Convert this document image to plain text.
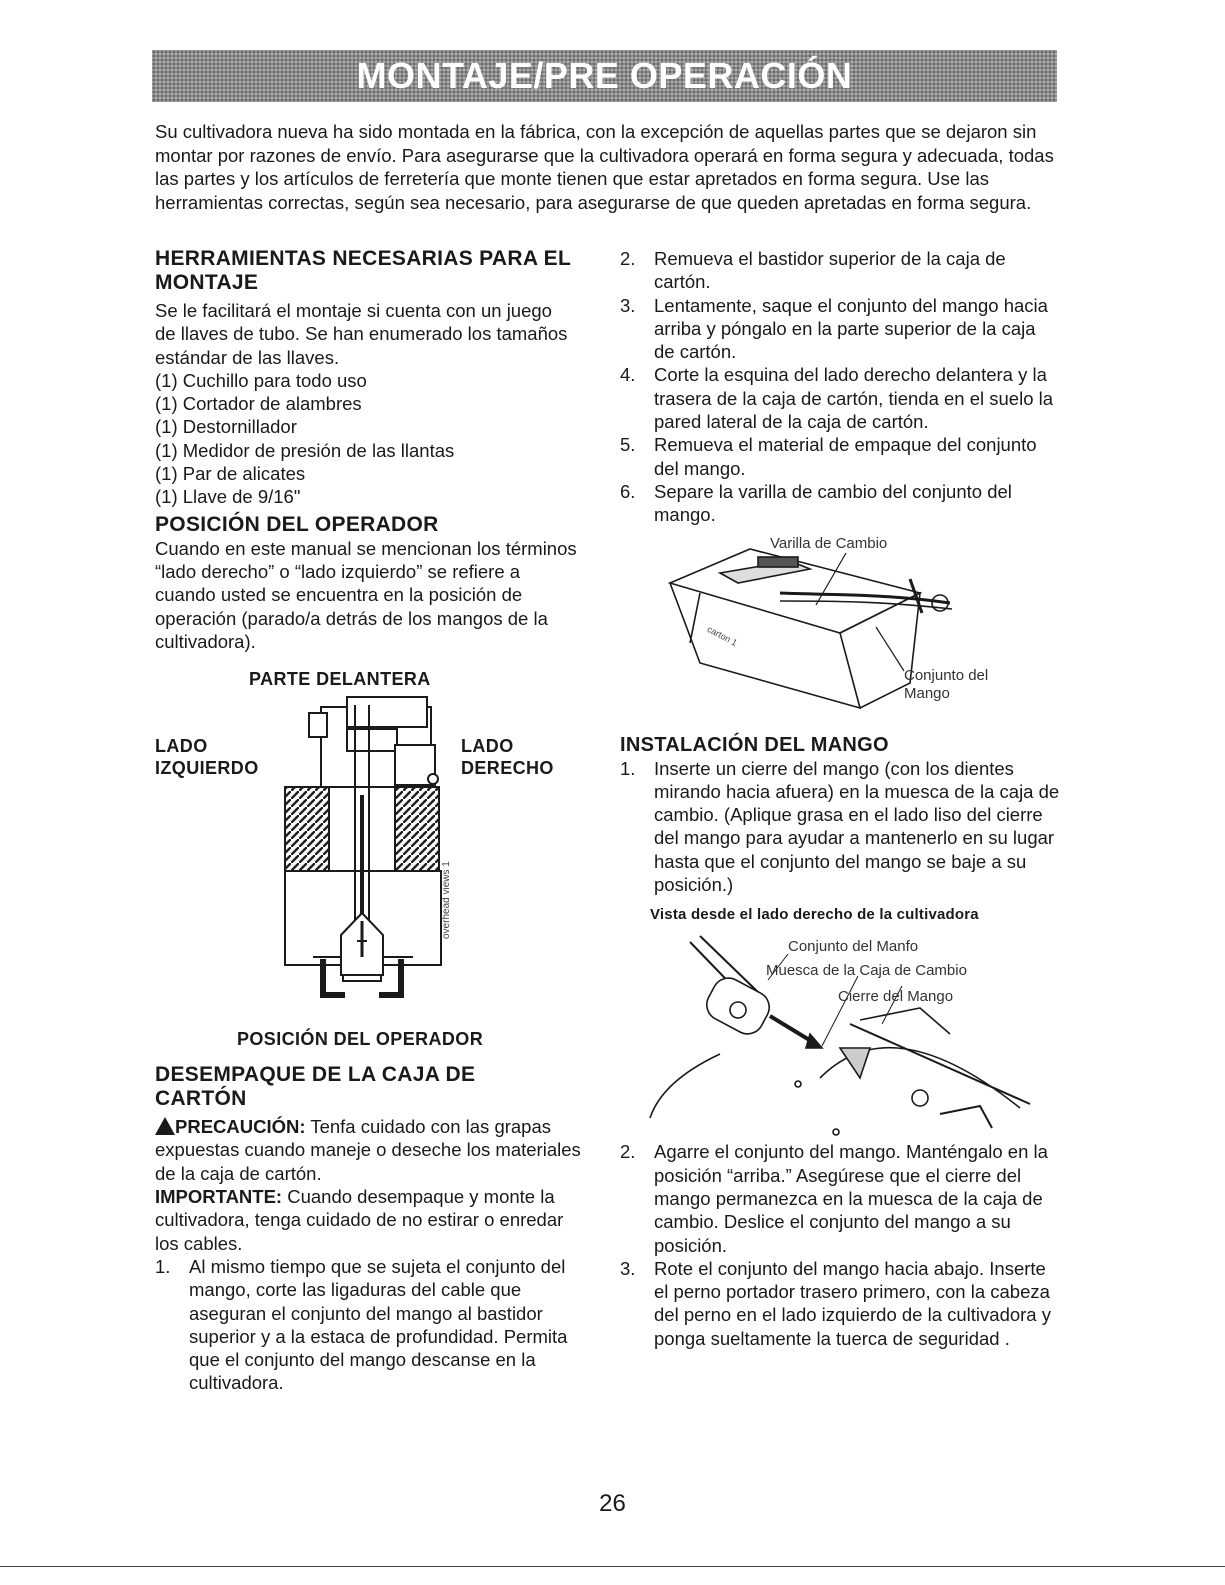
MONTAJE/PRE OPERACIÓN

Su cultivadora nueva ha sido montada en la fábrica, con la excepción de aquellas partes que se dejaron sin montar por razones de envío. Para asegurarse que la cultivadora operará en forma segura y adecuada, todas las partes y los artículos de ferretería que monte tienen que estar apretados en forma segura. Use las herramientas correctas, según sea necesario, para asegurarse de que queden apretadas en forma segura.

HERRAMIENTAS NECESARIAS PARA EL MONTAJE

Se le facilitará el montaje si cuenta con un juego de llaves de tubo. Se han enumerado los tamaños estándar de las llaves.

(1) Cuchillo para todo uso
(1) Cortador de alambres
(1) Destornillador
(1) Medidor de presión de las llantas
(1) Par de alicates
(1) Llave de 9/16"
POSICIÓN DEL OPERADOR

Cuando en este manual se mencionan los términos “lado derecho” o “lado izquierdo” se refiere a cuando usted se encuentra en la posición de operación (parado/a detrás de los mangos de la cultivadora).

PARTE DELANTERA
LADO
IZQUIERDO
LADO
DERECHO
overhead views 1
POSICIÓN DEL OPERADOR
DESEMPAQUE DE LA CAJA DE CARTÓN

PRECAUCIÓN: Tenfa cuidado con las grapas expuestas cuando maneje o deseche los materiales de la caja de cartón.

IMPORTANTE: Cuando desempaque y monte la cultivadora, tenga cuidado de no estirar o enredar los cables.

1.	Al mismo tiempo que se sujeta el conjunto del mango, corte las ligaduras del cable que aseguran el conjunto del mango al bastidor superior y a la estaca de profundidad. Permita que el conjunto del mango descanse en la cultivadora.
2.	Remueva el bastidor superior de la caja de cartón.
3.	Lentamente, saque el conjunto del mango hacia arriba y póngalo en la parte superior de la caja de cartón.
4.	Corte la esquina del lado derecho delantera y la trasera de la caja de cartón, tienda en el suelo la pared lateral de la caja de cartón.
5.	Remueva el material de empaque del conjunto del mango.
6.	Separe la varilla de cambio del conjunto del mango.
carton 1
Varilla de Cambio
Conjunto del
Mango
INSTALACIÓN DEL MANGO
1.	Inserte un cierre del mango (con los dientes mirando hacia afuera) en la muesca de la caja de cambio. (Aplique grasa en el lado liso del cierre del mango para ayudar a mantenerlo en su lugar hasta que el conjunto del mango se baje a su posición.)
Vista desde el lado derecho de la cultivadora
Conjunto del Manfo
Muesca de la Caja de Cambio
Cierre del Mango
2.	Agarre el conjunto del mango. Manténgalo en la posición “arriba.” Asegúrese que el cierre del mango permanezca en la muesca de la caja de cambio. Deslice el conjunto del mango a su posición.
3.	Rote el conjunto del mango hacia abajo. Inserte el perno portador trasero primero, con la cabeza del perno en el lado izquierdo de la cultivadora y ponga sueltamente la tuerca de seguridad .
26
